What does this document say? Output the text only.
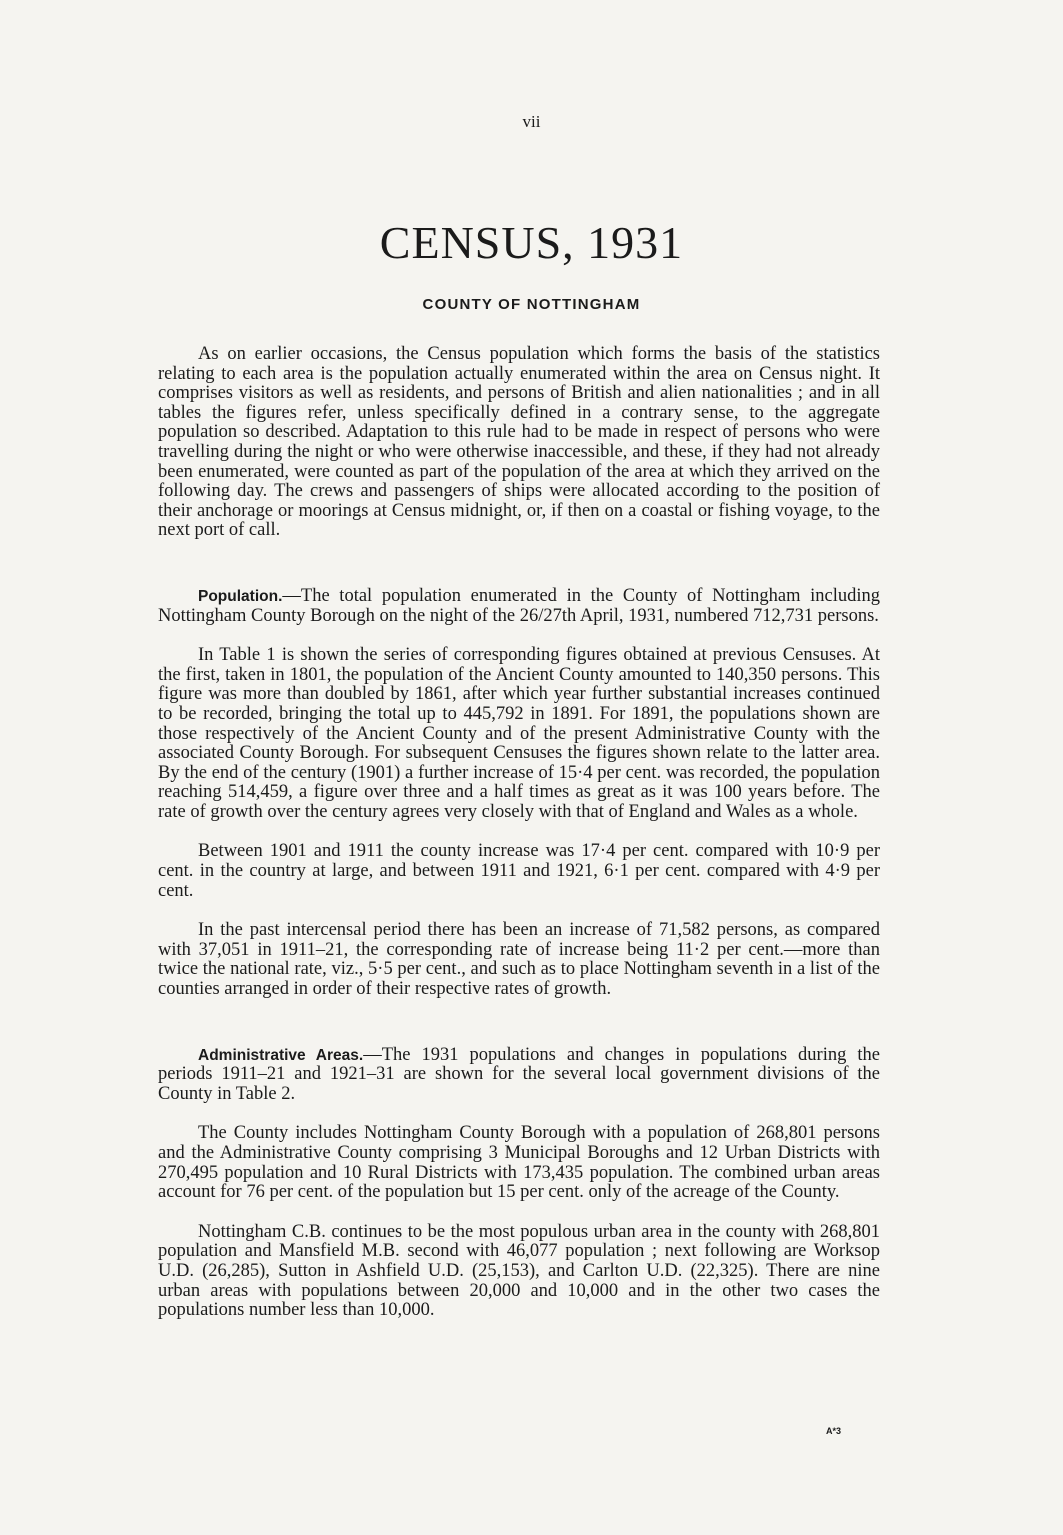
vii
CENSUS, 1931
COUNTY OF NOTTINGHAM

As on earlier occasions, the Census population which forms the basis of the statistics relating to each area is the population actually enumerated within the area on Census night. It comprises visitors as well as residents, and persons of British and alien nationalities ; and in all tables the figures refer, unless specifically defined in a contrary sense, to the aggregate population so described. Adaptation to this rule had to be made in respect of persons who were travelling during the night or who were otherwise inaccessible, and these, if they had not already been enumerated, were counted as part of the population of the area at which they arrived on the following day. The crews and passengers of ships were allocated according to the position of their anchorage or moorings at Census midnight, or, if then on a coastal or fishing voyage, to the next port of call.

Population.—The total population enumerated in the County of Nottingham including Nottingham County Borough on the night of the 26/27th April, 1931, numbered 712,731 persons.

In Table 1 is shown the series of corresponding figures obtained at previous Censuses. At the first, taken in 1801, the population of the Ancient County amounted to 140,350 persons. This figure was more than doubled by 1861, after which year further substantial increases continued to be recorded, bringing the total up to 445,792 in 1891. For 1891, the populations shown are those respectively of the Ancient County and of the present Administrative County with the associated County Borough. For subsequent Censuses the figures shown relate to the latter area. By the end of the century (1901) a further increase of 15·4 per cent. was recorded, the population reaching 514,459, a figure over three and a half times as great as it was 100 years before. The rate of growth over the century agrees very closely with that of England and Wales as a whole.

Between 1901 and 1911 the county increase was 17·4 per cent. compared with 10·9 per cent. in the country at large, and between 1911 and 1921, 6·1 per cent. compared with 4·9 per cent.

In the past intercensal period there has been an increase of 71,582 persons, as compared with 37,051 in 1911–21, the corresponding rate of increase being 11·2 per cent.—more than twice the national rate, viz., 5·5 per cent., and such as to place Nottingham seventh in a list of the counties arranged in order of their respective rates of growth.

Administrative Areas.—The 1931 populations and changes in populations during the periods 1911–21 and 1921–31 are shown for the several local government divisions of the County in Table 2.

The County includes Nottingham County Borough with a population of 268,801 persons and the Administrative County comprising 3 Municipal Boroughs and 12 Urban Districts with 270,495 population and 10 Rural Districts with 173,435 population. The combined urban areas account for 76 per cent. of the population but 15 per cent. only of the acreage of the County.

Nottingham C.B. continues to be the most populous urban area in the county with 268,801 population and Mansfield M.B. second with 46,077 population ; next following are Worksop U.D. (26,285), Sutton in Ashfield U.D. (25,153), and Carlton U.D. (22,325). There are nine urban areas with populations between 20,000 and 10,000 and in the other two cases the populations number less than 10,000.

A*3
